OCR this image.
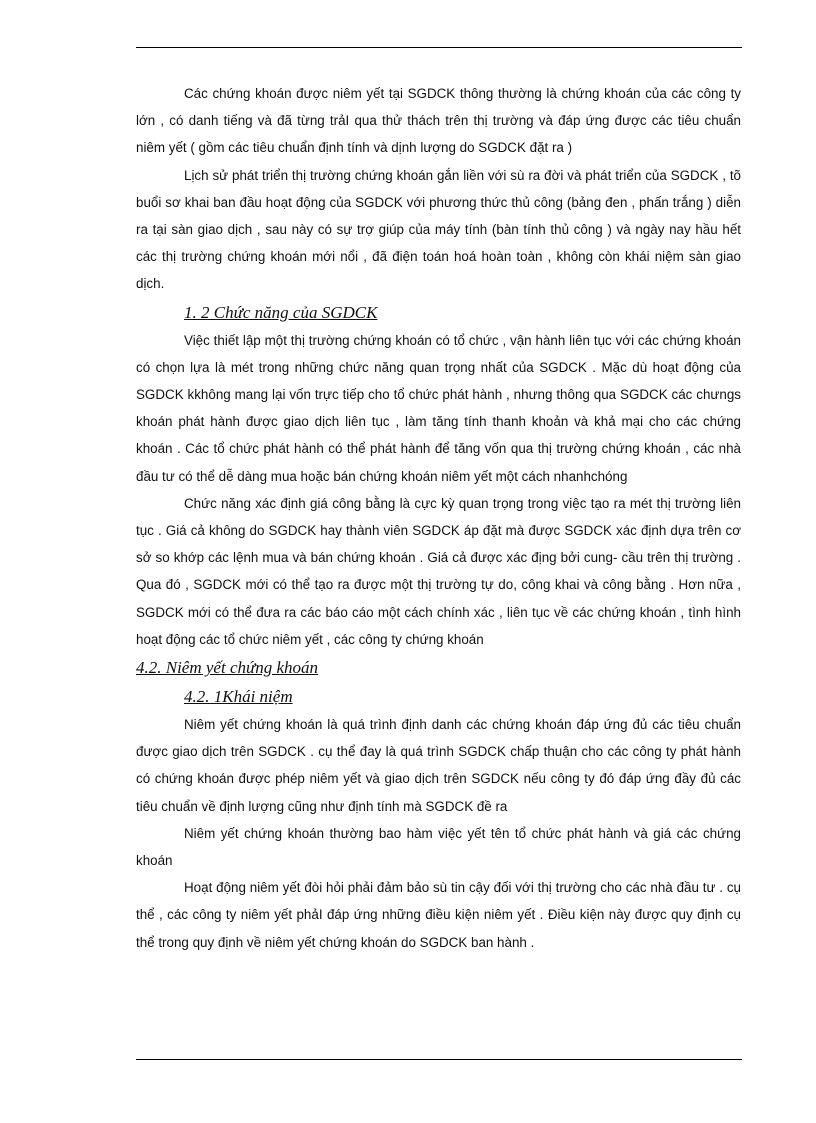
Các chứng khoán được niêm yết tại SGDCK thông thường là chứng khoán của các công ty lớn , có danh tiếng và đã từng trảI qua thử thách trên thị trường và đáp ứng được các tiêu chuẩn niêm yết ( gồm các tiêu chuẩn định tính và dịnh lượng do SGDCK đặt ra )

Lịch sử phát triển thị trường chứng khoán gắn liền với sù ra đời và phát triển của SGDCK , tõ buổi sơ khai ban đầu hoạt động của SGDCK với phương thức thủ công (bảng đen , phấn trắng ) diễn ra tại sàn giao dịch , sau này có sự trợ giúp của máy tính (bàn tính thủ công ) và ngày nay hầu hết các thị trường chứng khoán mới nổi , đã điện toán hoá hoàn toàn , không còn khái niệm sàn giao dịch.

1. 2 Chức năng của SGDCK

Việc thiết lập một thị trường chứng khoán có tổ chức , vận hành liên tục với các chứng khoán có chọn lựa là mét trong những chức năng quan trọng nhất của SGDCK . Mặc dù hoạt động của SGDCK kkhông mang lại vốn trực tiếp cho tổ chức phát hành , nhưng thông qua SGDCK các chưngs khoán phát hành được giao dịch liên tục , làm tăng tính thanh khoản và khả mại cho các chứng khoán . Các tổ chức phát hành có thể phát hành để tăng vốn qua thị trường chứng khoán , các nhà đầu tư có thể dễ dàng mua hoặc bán chứng khoán niêm yết một cách nhanhchóng

Chức năng xác định giá công bằng là cực kỳ quan trọng trong việc tạo ra mét thị trường liên tục . Giá cả không do SGDCK hay thành viên SGDCK áp đặt mà được SGDCK xác định dựa trên cơ sở so khớp các lệnh mua và bán chứng khoán . Giá cả được xác địng bởi cung- cầu trên thị trường . Qua đó , SGDCK mới có thể tạo ra được một thị trường tự do, công khai và công bằng . Hơn nữa , SGDCK mới có thể đưa ra các báo cáo một cách chính xác , liên tục về các chứng khoán , tình hình hoạt động các tổ chức niêm yết , các công ty chứng khoán

4.2. Niêm yết chứng khoán

4.2. 1Khái niệm

Niêm yết chứng khoán là quá trình định danh các chứng khoán đáp ứng đủ các tiêu chuẩn được giao dịch trên SGDCK . cụ thể đay là quá trình SGDCK chấp thuận cho các công ty phát hành có chứng khoán được phép niêm yết và giao dịch trên SGDCK nếu công ty đó đáp ứng đầy đủ các tiêu chuẩn về định lượng cũng như định tính mà SGDCK đề ra

Niêm yết chứng khoán thường bao hàm việc yết tên tổ chức phát hành và giá các chứng khoán

Hoạt động niêm yết đòi hỏi phải đảm bảo sù tin cậy đối với thị trường cho các nhà đầu tư . cụ thể , các công ty niêm yết phảI đáp ứng những điều kiện niêm yết . Điều kiện này được quy định cụ thể trong quy định về niêm yết chứng khoán do SGDCK ban hành .
